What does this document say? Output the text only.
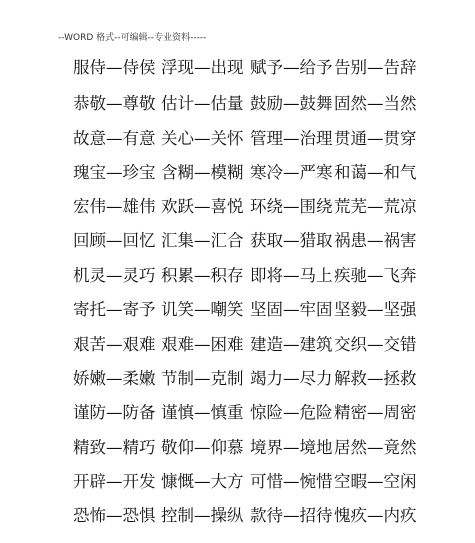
--WORD 格式--可编辑--专业资料-----
服侍—侍侯 浮现—出现 赋予—给予 告别—告辞
恭敬—尊敬 估计—估量 鼓励—鼓舞 固然—当然
故意—有意 关心—关怀 管理—治理 贯通—贯穿
瑰宝—珍宝 含糊—模糊 寒冷—严寒 和蔼—和气
宏伟—雄伟 欢跃—喜悦 环绕—围绕 荒芜—荒凉
回顾—回忆 汇集—汇合 获取—猎取 祸患—祸害
机灵—灵巧 积累—积存 即将—马上 疾驰—飞奔
寄托—寄予 讥笑—嘲笑 坚固—牢固 坚毅—坚强
艰苦—艰难 艰难—困难 建造—建筑 交织—交错
娇嫩—柔嫩 节制—克制 竭力—尽力 解救—拯救
谨防—防备 谨慎—慎重 惊险—危险 精密—周密
精致—精巧 敬仰—仰慕 境界—境地 居然—竟然
开辟—开发 慷慨—大方 可惜—惋惜 空暇—空闲
恐怖—恐惧 控制—操纵 款待—招待 愧疚—内疚
